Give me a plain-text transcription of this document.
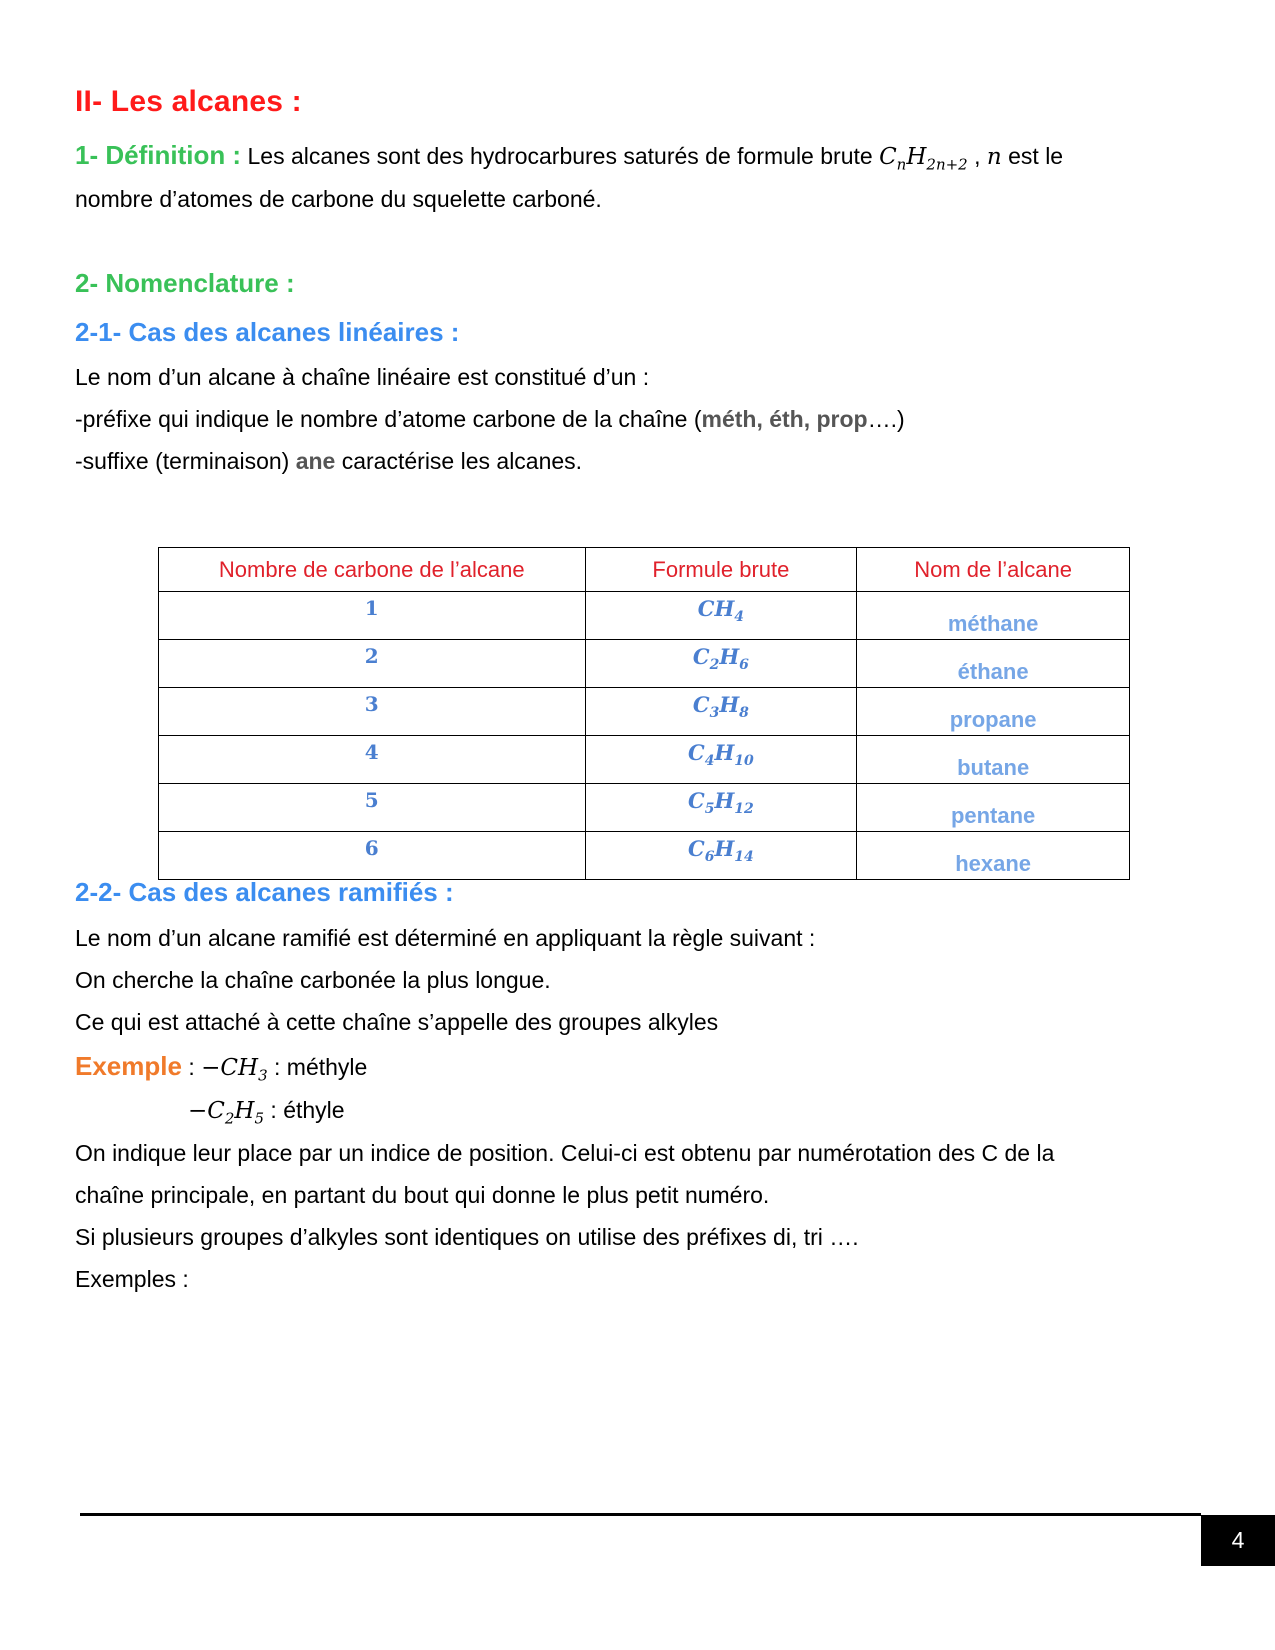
II- Les alcanes :
1- Définition : Les alcanes sont des hydrocarbures saturés de formule brute $C_nH_{2n+2}$ , n est le
nombre d’atomes de carbone du squelette carboné.
2- Nomenclature :
2-1- Cas des alcanes linéaires :
Le nom d’un alcane à chaîne linéaire est constitué d’un :
-préfixe qui indique le nombre d’atome carbone de la chaîne (méth, éth, prop….)
-suffixe (terminaison) ane caractérise les alcanes.
2-2- Cas des alcanes ramifiés :
Le nom d’un alcane ramifié est déterminé en appliquant la règle suivant :
On cherche la chaîne carbonée la plus longue.
Ce qui est attaché à cette chaîne s’appelle des groupes alkyles
Exemple : $-CH_3$ : méthyle
$-C_2H_5$ : éthyle
On indique leur place par un indice de position. Celui-ci est obtenu par numérotation des C de la
chaîne principale, en partant du bout qui donne le plus petit numéro.
Si plusieurs groupes d’alkyles sont identiques on utilise des préfixes di, tri ….
Exemples :
Nombre de carbone de l’alcane	Formule brute	Nom de l’alcane
1	$CH_4$	méthane
2	$C_2H_6$	éthane
3	$C_3H_8$	propane
4	$C_4H_{10}$	butane
5	$C_5H_{12}$	pentane
6	$C_6H_{14}$	hexane
4
